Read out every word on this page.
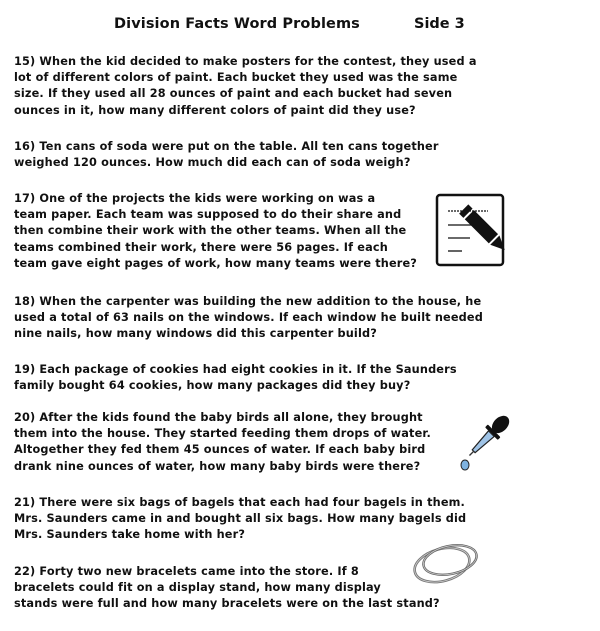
Division Facts Word Problems	Side 3
15) When the kid decided to make posters for the contest, they used a
lot of different colors of paint. Each bucket they used was the same
size. If they used all 28 ounces of paint and each bucket had seven
ounces in it, how many different colors of paint did they use?
16) Ten cans of soda were put on the table. All ten cans together
weighed 120 ounces. How much did each can of soda weigh?
17) One of the projects the kids were working on was a
team paper. Each team was supposed to do their share and
then combine their work with the other teams. When all the
teams combined their work, there were 56 pages. If each
team gave eight pages of work, how many teams were there?
18) When the carpenter was building the new addition to the house, he
used a total of 63 nails on the windows. If each window he built needed
nine nails, how many windows did this carpenter build?
19) Each package of cookies had eight cookies in it. If the Saunders
family bought 64 cookies, how many packages did they buy?
20) After the kids found the baby birds all alone, they brought
them into the house. They started feeding them drops of water.
Altogether they fed them 45 ounces of water. If each baby bird
drank nine ounces of water, how many baby birds were there?
21) There were six bags of bagels that each had four bagels in them.
Mrs. Saunders came in and bought all six bags. How many bagels did
Mrs. Saunders take home with her?
22) Forty two new bracelets came into the store. If 8
bracelets could fit on a display stand, how many display
stands were full and how many bracelets were on the last stand?
